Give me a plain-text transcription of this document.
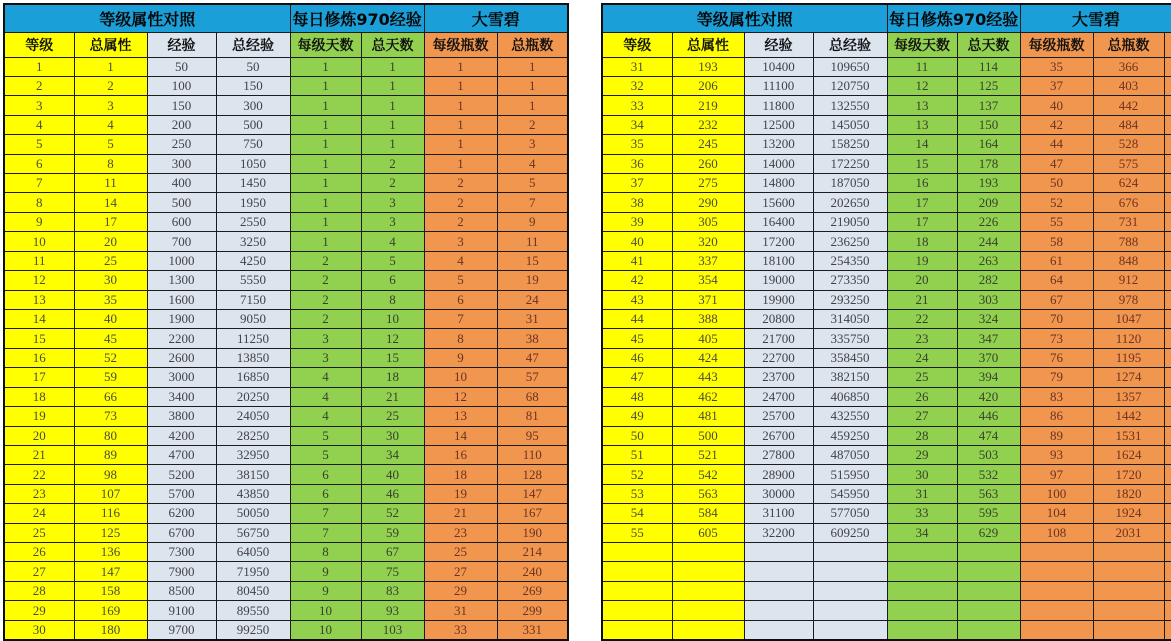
等级属性对照				每日修炼970经验		大雪碧	
等级	总属性	经验	总经验	每级天数	总天数	每级瓶数	总瓶数
1	1	50	50	1	1	1	1
2	2	100	150	1	1	1	1
3	3	150	300	1	1	1	1
4	4	200	500	1	1	1	2
5	5	250	750	1	1	1	3
6	8	300	1050	1	2	1	4
7	11	400	1450	1	2	2	5
8	14	500	1950	1	3	2	7
9	17	600	2550	1	3	2	9
10	20	700	3250	1	4	3	11
11	25	1000	4250	2	5	4	15
12	30	1300	5550	2	6	5	19
13	35	1600	7150	2	8	6	24
14	40	1900	9050	2	10	7	31
15	45	2200	11250	3	12	8	38
16	52	2600	13850	3	15	9	47
17	59	3000	16850	4	18	10	57
18	66	3400	20250	4	21	12	68
19	73	3800	24050	4	25	13	81
20	80	4200	28250	5	30	14	95
21	89	4700	32950	5	34	16	110
22	98	5200	38150	6	40	18	128
23	107	5700	43850	6	46	19	147
24	116	6200	50050	7	52	21	167
25	125	6700	56750	7	59	23	190
26	136	7300	64050	8	67	25	214
27	147	7900	71950	9	75	27	240
28	158	8500	80450	9	83	29	269
29	169	9100	89550	10	93	31	299
30	180	9700	99250	10	103	33	331
等级属性对照				每日修炼970经验		大雪碧		
等级	总属性	经验	总经验	每级天数	总天数	每级瓶数	总瓶数	
31	193	10400	109650	11	114	35	366	
32	206	11100	120750	12	125	37	403	
33	219	11800	132550	13	137	40	442	
34	232	12500	145050	13	150	42	484	
35	245	13200	158250	14	164	44	528	
36	260	14000	172250	15	178	47	575	
37	275	14800	187050	16	193	50	624	
38	290	15600	202650	17	209	52	676	
39	305	16400	219050	17	226	55	731	
40	320	17200	236250	18	244	58	788	
41	337	18100	254350	19	263	61	848	
42	354	19000	273350	20	282	64	912	
43	371	19900	293250	21	303	67	978	
44	388	20800	314050	22	324	70	1047	
45	405	21700	335750	23	347	73	1120	
46	424	22700	358450	24	370	76	1195	
47	443	23700	382150	25	394	79	1274	
48	462	24700	406850	26	420	83	1357	
49	481	25700	432550	27	446	86	1442	
50	500	26700	459250	28	474	89	1531	
51	521	27800	487050	29	503	93	1624	
52	542	28900	515950	30	532	97	1720	
53	563	30000	545950	31	563	100	1820	
54	584	31100	577050	33	595	104	1924	
55	605	32200	609250	34	629	108	2031	
